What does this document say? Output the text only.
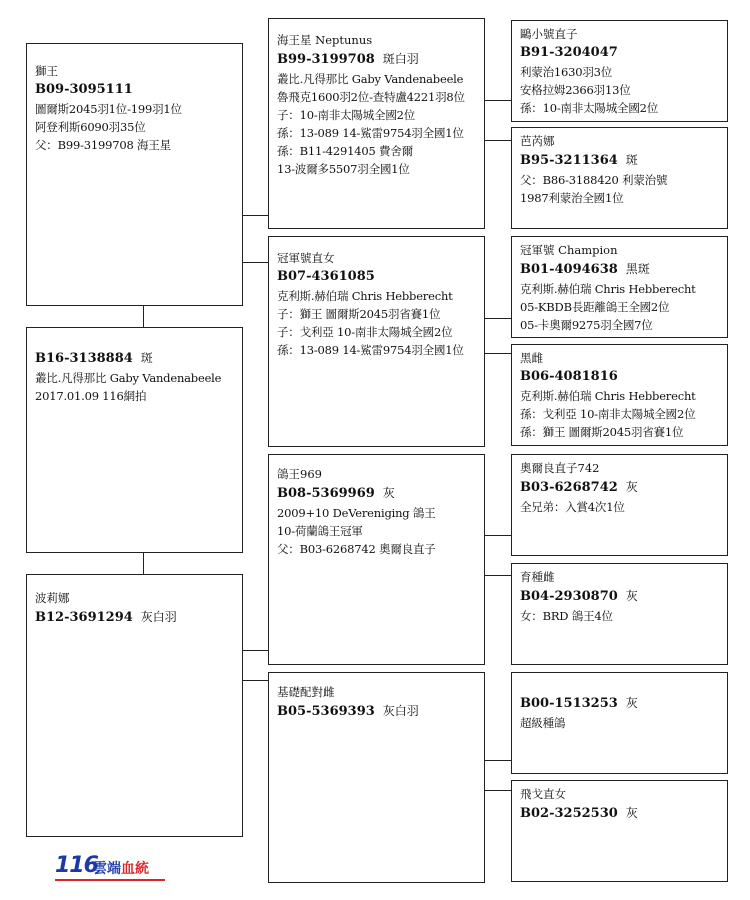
獅王
B09-3095111
圖爾斯2045羽1位-199羽1位
阿登利斯6090羽35位
父：B99-3199708 海王星
B16-3138884 斑
叢比.凡得那比 Gaby Vandenabeele
2017.01.09 116網拍
波莉娜
B12-3691294 灰白羽
海王星 Neptunus
B99-3199708 斑白羽
叢比.凡得那比 Gaby Vandenabeele
魯飛克1600羽2位-查特盧4221羽8位
子：10-南非太陽城全國2位
孫：13-089 14-鯊雷9754羽全國1位
孫：B11-4291405 費舍爾
13-波爾多5507羽全國1位
冠軍號直女
B07-4361085
克利斯.赫伯瑞 Chris Hebberecht
子：獅王 圖爾斯2045羽省賽1位
子：戈利亞 10-南非太陽城全國2位
孫：13-089 14-鯊雷9754羽全國1位
鴿王969
B08-5369969 灰
2009+10 DeVereniging 鴿王
10-荷蘭鴿王冠軍
父：B03-6268742 奧爾良直子
基礎配對雌
B05-5369393 灰白羽
鷗小號直子
B91-3204047
利蒙治1630羽3位
安格拉姆2366羽13位
孫：10-南非太陽城全國2位
芭芮娜
B95-3211364 斑
父：B86-3188420 利蒙治號
1987利蒙治全國1位
冠軍號 Champion
B01-4094638 黑斑
克利斯.赫伯瑞 Chris Hebberecht
05-KBDB長距離鴿王全國2位
05-卡奧爾9275羽全國7位
黑雌
B06-4081816
克利斯.赫伯瑞 Chris Hebberecht
孫：戈利亞 10-南非太陽城全國2位
孫：獅王 圖爾斯2045羽省賽1位
奧爾良直子742
B03-6268742 灰
全兄弟：入賞4次1位
育種雌
B04-2930870 灰
女：BRD 鴿王4位
B00-1513253 灰
超級種鴿
飛戈直女
B02-3252530 灰
116
雲端血統
